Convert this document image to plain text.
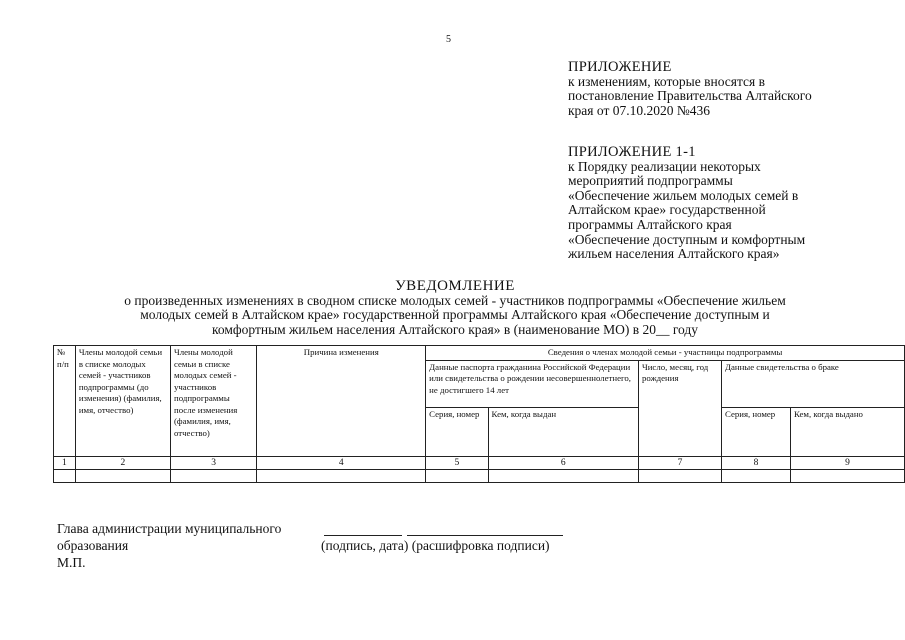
5
ПРИЛОЖЕНИЕ
к изменениям, которые вносятся в
постановление Правительства Алтайского
края от 07.10.2020 №436
ПРИЛОЖЕНИЕ 1-1
к Порядку реализации некоторых
мероприятий подпрограммы
«Обеспечение жильем молодых семей в
Алтайском крае» государственной
программы Алтайского края
«Обеспечение доступным и комфортным
жильем населения Алтайского края»
УВЕДОМЛЕНИЕ
о произведенных изменениях в сводном списке молодых семей - участников подпрограммы «Обеспечение жильем
молодых семей в Алтайском крае» государственной программы Алтайского края «Обеспечение доступным и
комфортным жильем населения Алтайского края» в (наименование МО) в 20__ году
№ п/п	Члены молодой семьи в списке молодых семей - участников подпрограммы (до изменения) (фамилия, имя, отчество)	Члены молодой семьи в списке молодых семей - участников подпрограммы после изменения (фамилия, имя, отчество)	Причина изменения	Сведения о членах молодой семьи - участницы подпрограммы				
				Данные паспорта гражданина Российской Федерации или свидетельства о рождении несовершеннолетнего, не достигшего 14 лет		Число, месяц, год рождения	Данные свидетельства о браке	
				Серия, номер	Кем, когда выдан		Серия, номер	Кем, когда выдано
1	2	3	4	5	6	7	8	9

Глава администрации муниципального
образования
М.П.
(подпись, дата) (расшифровка подписи)
